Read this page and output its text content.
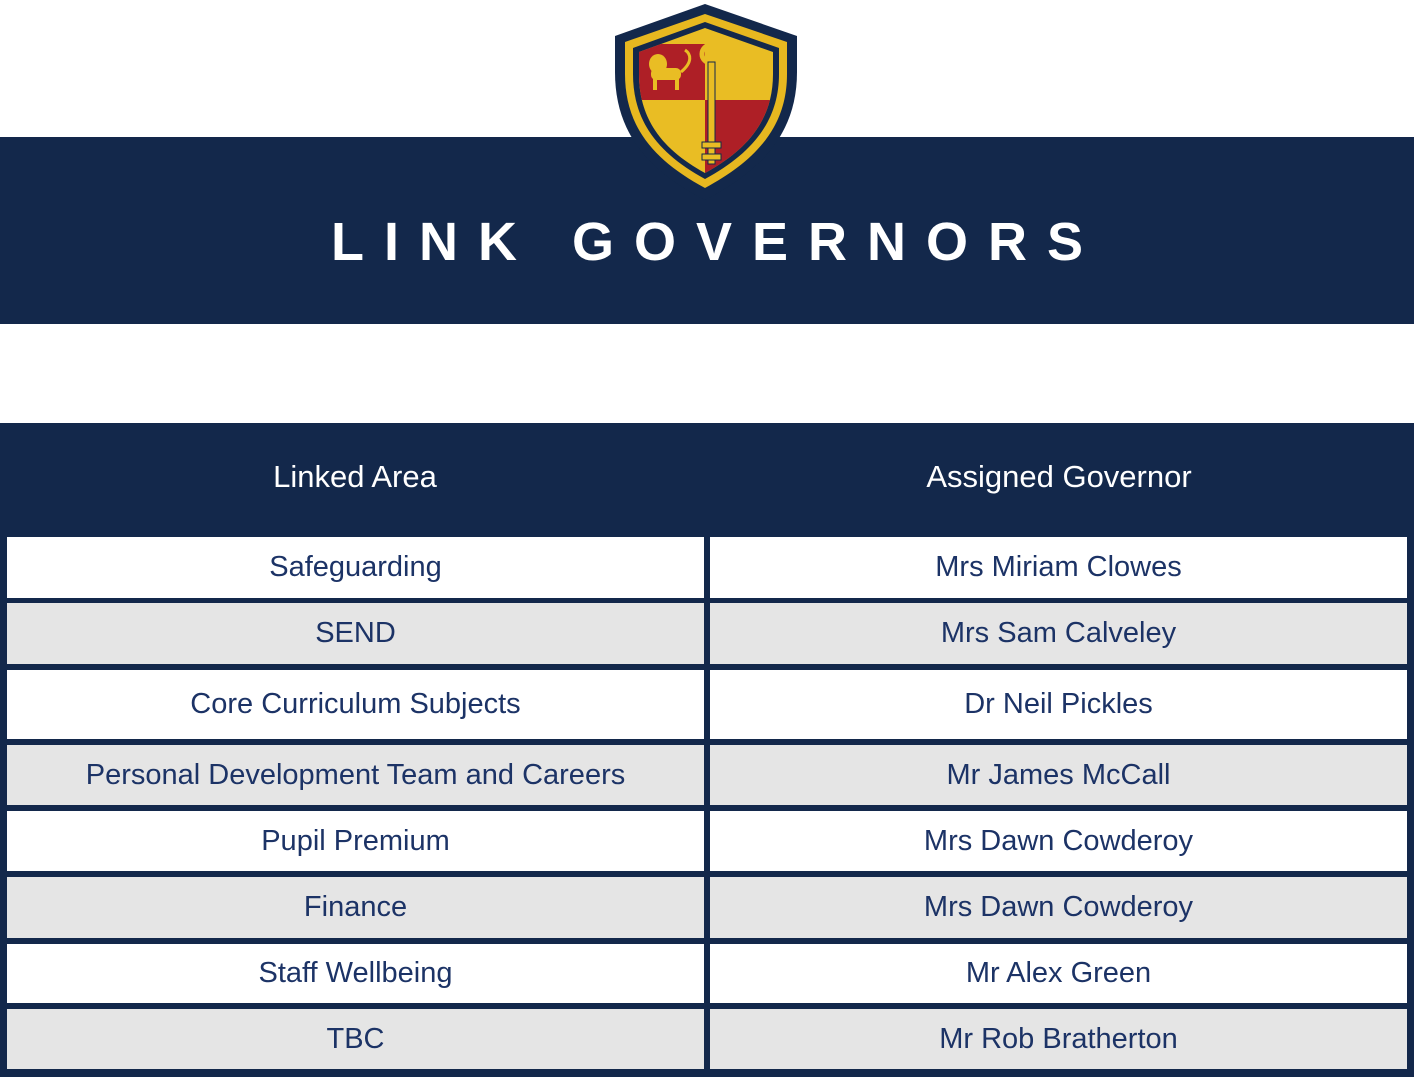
LINK GOVERNORS
Linked Area	Assigned Governor
Safeguarding	Mrs Miriam Clowes
SEND	Mrs Sam Calveley
Core Curriculum Subjects	Dr Neil Pickles
Personal Development Team and Careers	Mr James McCall
Pupil Premium	Mrs Dawn Cowderoy
Finance	Mrs Dawn Cowderoy
Staff Wellbeing	Mr Alex Green
TBC	Mr Rob Bratherton
